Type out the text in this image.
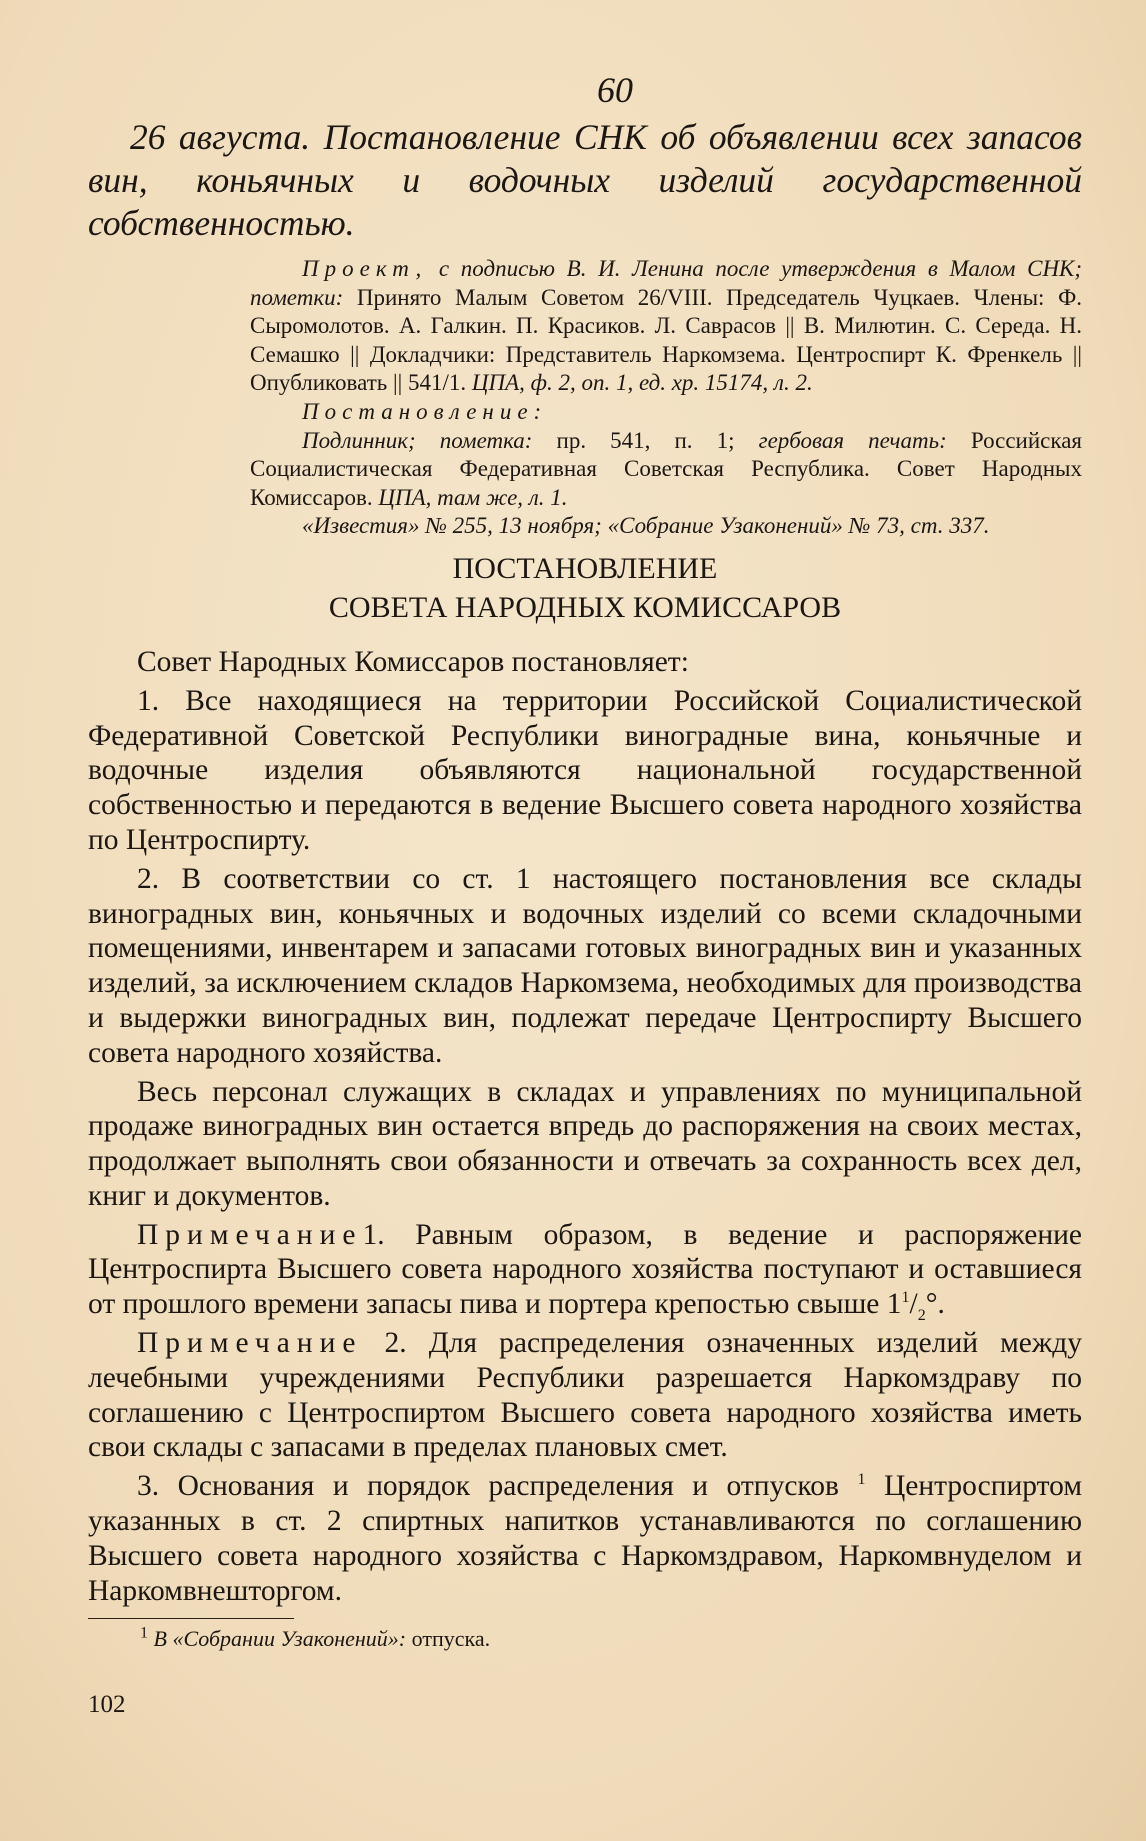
60

26 августа. Постановление СНК об объявлении всех запасов вин, коньячных и водочных изделий государственной собственностью.

Проект, с подписью В. И. Ленина после утверждения в Малом СНК; пометки: Принято Малым Советом 26/VIII. Председатель Чуцкаев. Члены: Ф. Сыромолотов. А. Галкин. П. Красиков. Л. Саврасов || В. Милютин. С. Середа. Н. Семашко || Докладчики: Представитель Наркомзема. Центроспирт К. Френкель || Опубликовать || 541/1. ЦПА, ф. 2, оп. 1, ед. хр. 15174, л. 2.

Постановление:

Подлинник; пометка: пр. 541, п. 1; гербовая печать: Российская Социалистическая Федеративная Советская Республика. Совет Народных Комиссаров. ЦПА, там же, л. 1.

«Известия» № 255, 13 ноября; «Собрание Узаконений» № 73, ст. 337.

ПОСТАНОВЛЕНИЕ
СОВЕТА НАРОДНЫХ КОМИССАРОВ

Совет Народных Комиссаров постановляет:

1. Все находящиеся на территории Российской Социалистической Федеративной Советской Республики виноградные вина, коньячные и водочные изделия объявляются национальной государственной собственностью и передаются в ведение Высшего совета народного хозяйства по Центроспирту.

2. В соответствии со ст. 1 настоящего постановления все склады виноградных вин, коньячных и водочных изделий со всеми складочными помещениями, инвентарем и запасами готовых виноградных вин и указанных изделий, за исключением складов Наркомзема, необходимых для производства и выдержки виноградных вин, подлежат передаче Центроспирту Высшего совета народного хозяйства.

Весь персонал служащих в складах и управлениях по муниципальной продаже виноградных вин остается впредь до распоряжения на своих местах, продолжает выполнять свои обязанности и отвечать за сохранность всех дел, книг и документов.

Примечание1. Равным образом, в ведение и распоряжение Центроспирта Высшего совета народного хозяйства поступают и оставшиеся от прошлого времени запасы пива и портера крепостью свыше $1^1/_2^\circ$.

Примечание 2. Для распределения означенных изделий между лечебными учреждениями Республики разрешается Наркомздраву по соглашению с Центроспиртом Высшего совета народного хозяйства иметь свои склады с запасами в пределах плановых смет.

3. Основания и порядок распределения и отпусков $^1$ Центроспиртом указанных в ст. 2 спиртных напитков устанавливаются по соглашению Высшего совета народного хозяйства с Наркомздравом, Наркомвнуделом и Наркомвнешторгом.

$^1$ В «Собрании Узаконений»: отпуска.

102
